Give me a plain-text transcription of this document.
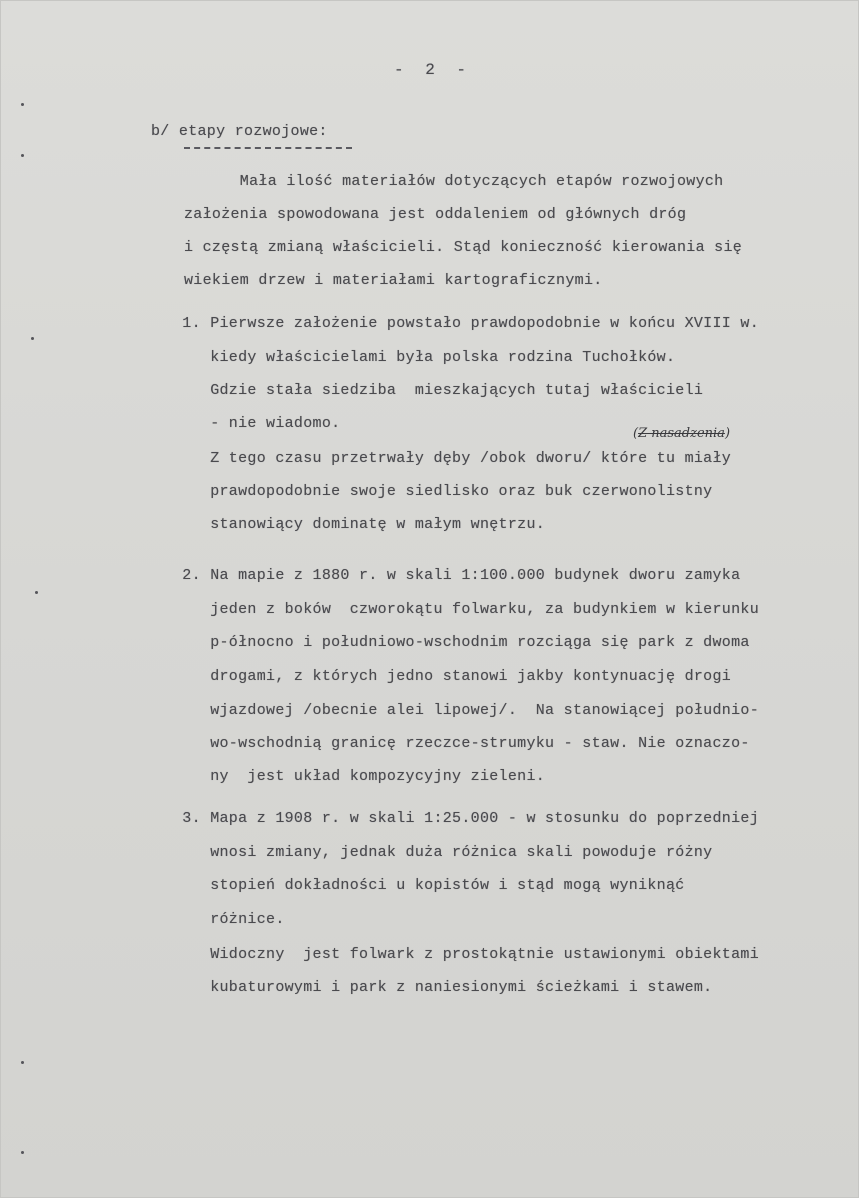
- 2 -
b/ etapy rozwojowe:
(Z nasadzenia)
Mała ilość materiałów dotyczących etapów rozwojowych
założenia spowodowana jest oddaleniem od głównych dróg
i częstą zmianą właścicieli. Stąd konieczność kierowania się
wiekiem drzew i materiałami kartograficznymi.
1. Pierwsze założenie powstało prawdopodobnie w końcu XVIII w.
kiedy właścicielami była polska rodzina Tuchołków.
Gdzie stała siedziba  mieszkających tutaj właścicieli
- nie wiadomo.
Z tego czasu przetrwały dęby /obok dworu/ które tu miały
prawdopodobnie swoje siedlisko oraz buk czerwonolistny
stanowiący dominatę w małym wnętrzu.
2. Na mapie z 1880 r. w skali 1:100.000 budynek dworu zamyka
jeden z boków  czworokątu folwarku, za budynkiem w kierunku
p-ółnocno i południowo-wschodnim rozciąga się park z dwoma
drogami, z których jedno stanowi jakby kontynuację drogi
wjazdowej /obecnie alei lipowej/.  Na stanowiącej południo-
wo-wschodnią granicę rzeczce-strumyku - staw. Nie oznaczo-
ny  jest układ kompozycyjny zieleni.
3. Mapa z 1908 r. w skali 1:25.000 - w stosunku do poprzedniej
wnosi zmiany, jednak duża różnica skali powoduje różny
stopień dokładności u kopistów i stąd mogą wyniknąć
różnice.
Widoczny  jest folwark z prostokątnie ustawionymi obiektami
kubaturowymi i park z naniesionymi ścieżkami i stawem.
